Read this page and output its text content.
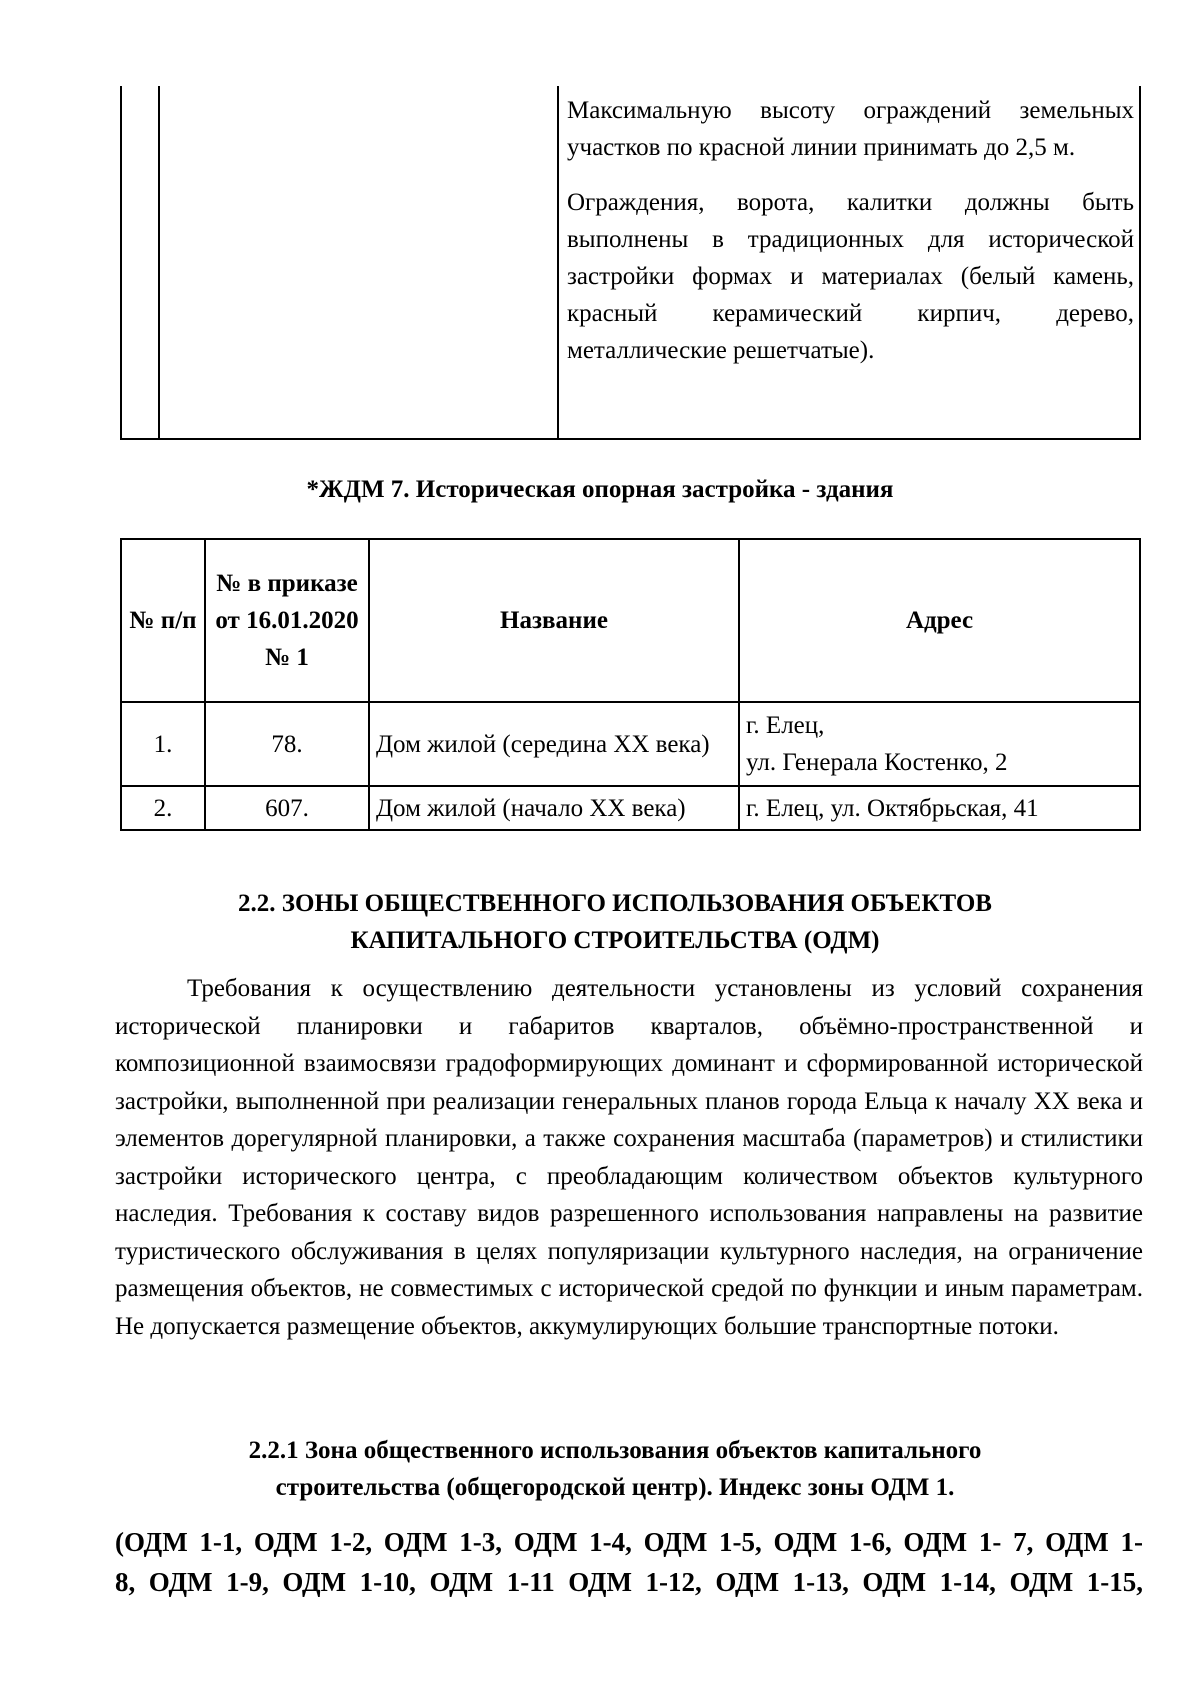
Максимальную высоту ограждений земельных участков по красной линии принимать до 2,5 м.

Ограждения, ворота, калитки должны быть выполнены в традиционных для исторической застройки формах и материалах (белый камень, красный керамический кирпич, дерево, металлические решетчатые).

*ЖДМ 7. Историческая опорная застройка - здания
№ п/п	№ в приказе от 16.01.2020 № 1	Название	Адрес
1.	78.	Дом жилой (середина XX века)	г. Елец,
ул. Генерала Костенко, 2

2.	607.	Дом жилой (начало XX века)	г. Елец, ул. Октябрьская, 41
2.2. ЗОНЫ ОБЩЕСТВЕННОГО ИСПОЛЬЗОВАНИЯ ОБЪЕКТОВ
КАПИТАЛЬНОГО СТРОИТЕЛЬСТВА (ОДМ)

Требования к осуществлению деятельности установлены из условий сохранения исторической планировки и габаритов кварталов, объёмно-пространственной и композиционной взаимосвязи градоформирующих доминант и сформированной исторической застройки, выполненной при реализации генеральных планов города Ельца к началу XX века и элементов дорегулярной планировки, а также сохранения масштаба (параметров) и стилистики застройки исторического центра, с преобладающим количеством объектов культурного наследия. Требования к составу видов разрешенного использования направлены на развитие туристического обслуживания в целях популяризации культурного наследия, на ограничение размещения объектов, не совместимых с исторической средой по функции и иным параметрам. Не допускается размещение объектов, аккумулирующих большие транспортные потоки.

2.2.1 Зона общественного использования объектов капитального
строительства (общегородской центр). Индекс зоны ОДМ 1.
(ОДМ 1-1, ОДМ 1-2, ОДМ 1-3, ОДМ 1-4, ОДМ 1-5, ОДМ 1-6, ОДМ 1- 7, ОДМ 1-
8, ОДМ 1-9, ОДМ 1-10, ОДМ 1-11 ОДМ 1-12, ОДМ 1-13, ОДМ 1-14, ОДМ 1-15,
